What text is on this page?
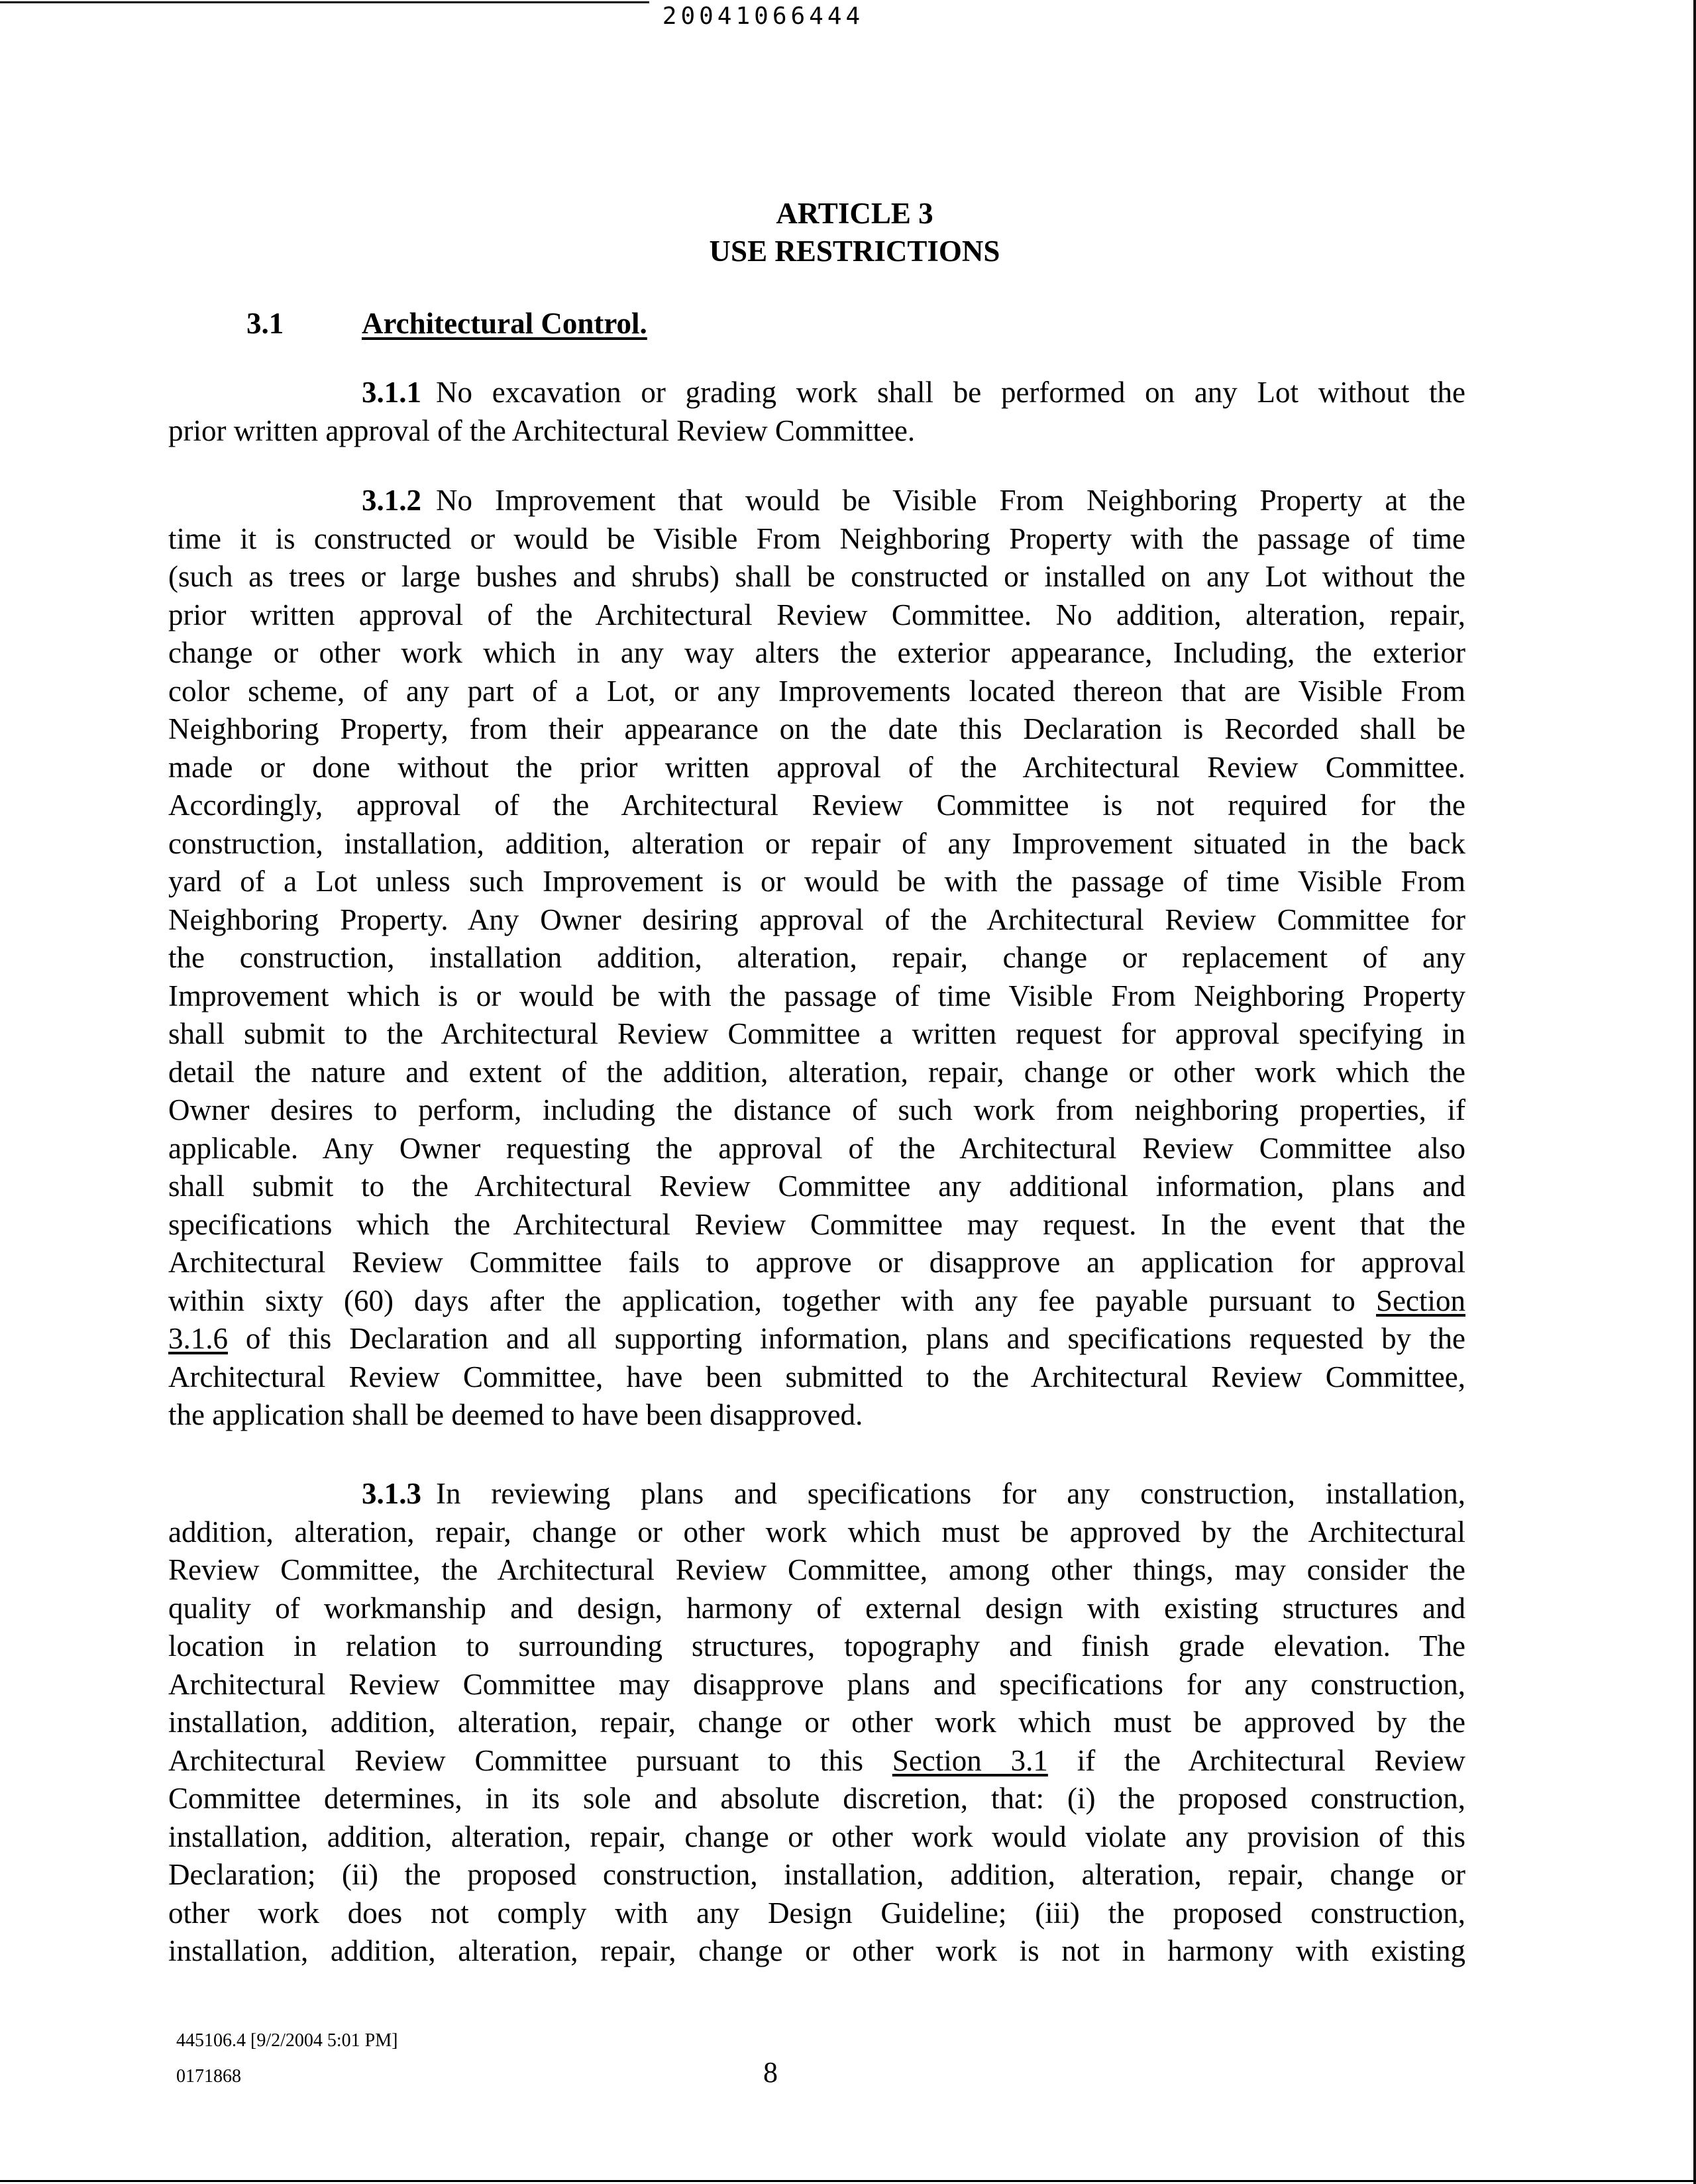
20041066444
ARTICLE 3
USE RESTRICTIONS
3.1	Architectural Control.
3.1.1 No excavation or grading work shall be performed on any Lot without the
prior written approval of the Architectural Review Committee.
3.1.2 No Improvement that would be Visible From Neighboring Property at the
time it is constructed or would be Visible From Neighboring Property with the passage of time
(such as trees or large bushes and shrubs) shall be constructed or installed on any Lot without the
prior written approval of the Architectural Review Committee. No addition, alteration, repair,
change or other work which in any way alters the exterior appearance, Including, the exterior
color scheme, of any part of a Lot, or any Improvements located thereon that are Visible From
Neighboring Property, from their appearance on the date this Declaration is Recorded shall be
made or done without the prior written approval of the Architectural Review Committee.
Accordingly, approval of the Architectural Review Committee is not required for the
construction, installation, addition, alteration or repair of any Improvement situated in the back
yard of a Lot unless such Improvement is or would be with the passage of time Visible From
Neighboring Property. Any Owner desiring approval of the Architectural Review Committee for
the construction, installation addition, alteration, repair, change or replacement of any
Improvement which is or would be with the passage of time Visible From Neighboring Property
shall submit to the Architectural Review Committee a written request for approval specifying in
detail the nature and extent of the addition, alteration, repair, change or other work which the
Owner desires to perform, including the distance of such work from neighboring properties, if
applicable. Any Owner requesting the approval of the Architectural Review Committee also
shall submit to the Architectural Review Committee any additional information, plans and
specifications which the Architectural Review Committee may request. In the event that the
Architectural Review Committee fails to approve or disapprove an application for approval
within sixty (60) days after the application, together with any fee payable pursuant to Section
3.1.6 of this Declaration and all supporting information, plans and specifications requested by the
Architectural Review Committee, have been submitted to the Architectural Review Committee,
the application shall be deemed to have been disapproved.
3.1.3 In reviewing plans and specifications for any construction, installation,
addition, alteration, repair, change or other work which must be approved by the Architectural
Review Committee, the Architectural Review Committee, among other things, may consider the
quality of workmanship and design, harmony of external design with existing structures and
location in relation to surrounding structures, topography and finish grade elevation. The
Architectural Review Committee may disapprove plans and specifications for any construction,
installation, addition, alteration, repair, change or other work which must be approved by the
Architectural Review Committee pursuant to this Section 3.1 if the Architectural Review
Committee determines, in its sole and absolute discretion, that: (i) the proposed construction,
installation, addition, alteration, repair, change or other work would violate any provision of this
Declaration; (ii) the proposed construction, installation, addition, alteration, repair, change or
other work does not comply with any Design Guideline; (iii) the proposed construction,
installation, addition, alteration, repair, change or other work is not in harmony with existing
445106.4 [9/2/2004 5:01 PM]
0171868	8
